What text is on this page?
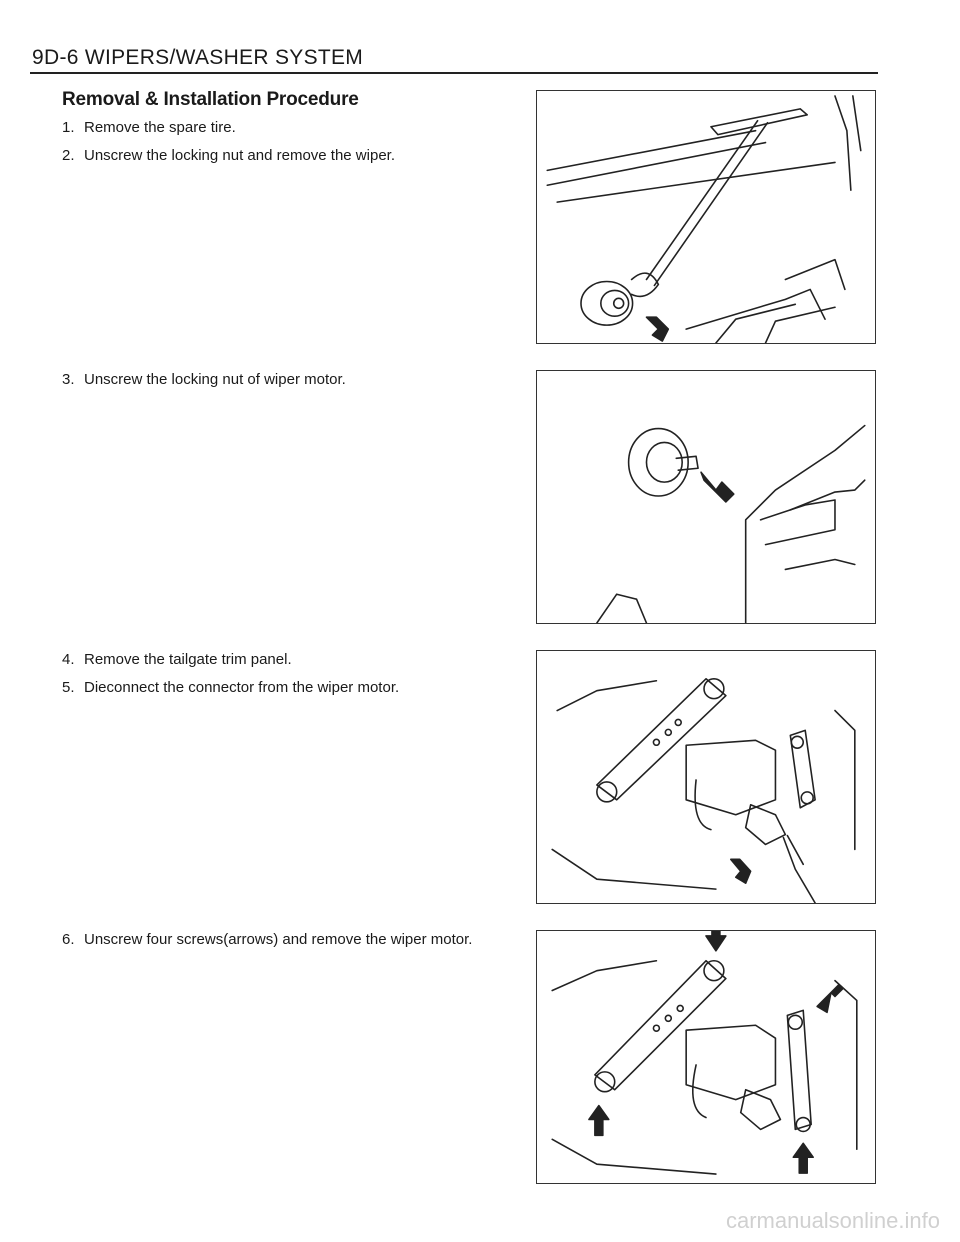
9D-6 WIPERS/WASHER SYSTEM
Removal & Installation Procedure
1. Remove the spare tire.
2. Unscrew the locking nut and remove the wiper.
3. Unscrew the locking nut of wiper motor.
4. Remove the tailgate trim panel.
5. Dieconnect the connector from the wiper motor.
6. Unscrew four screws(arrows) and remove the wiper motor.
carmanualsonline.info
